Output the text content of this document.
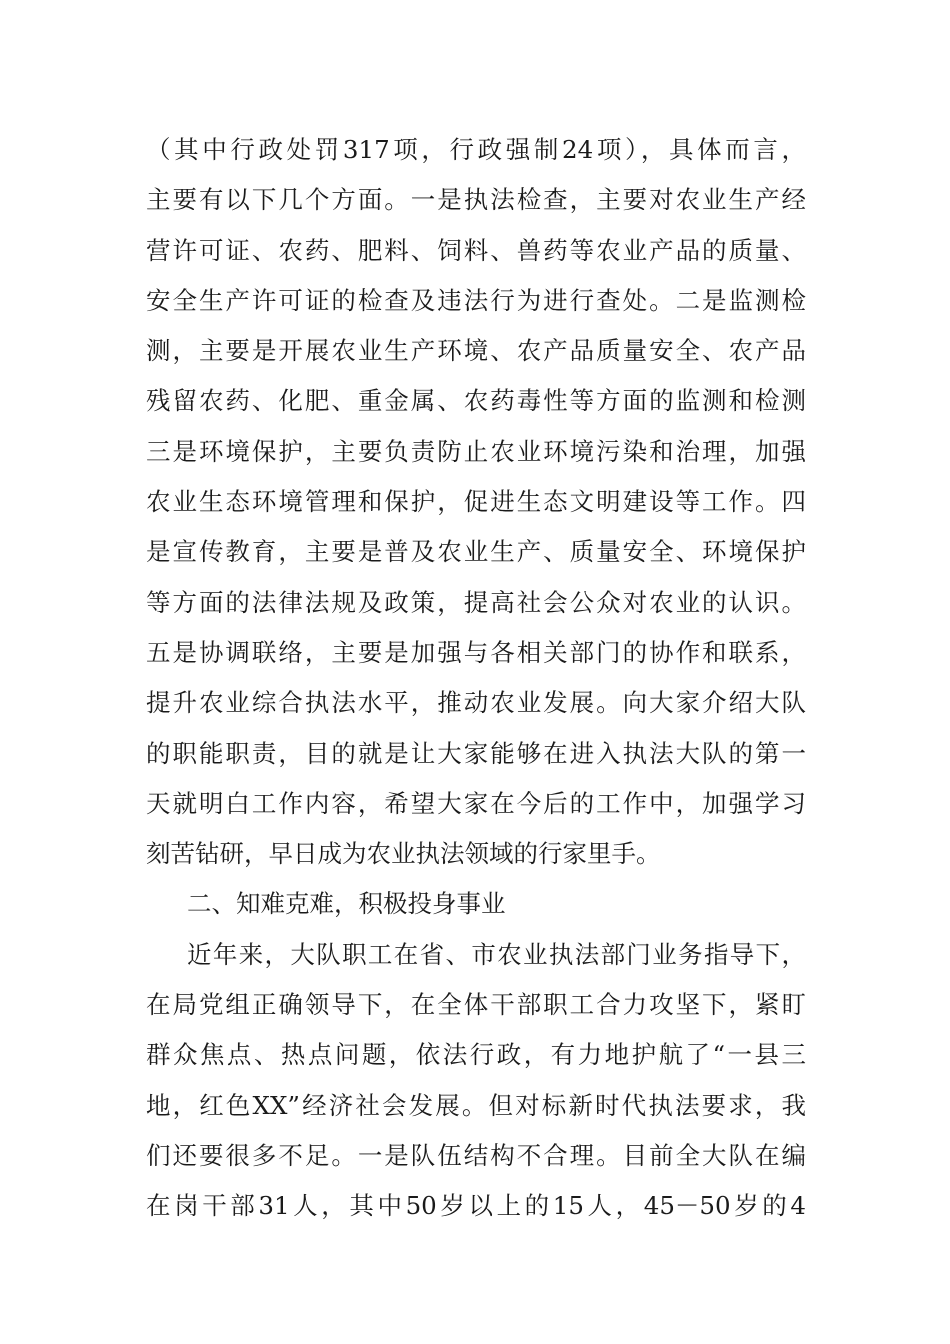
（其中行政处罚317项，行政强制24项），具体而言，
主要有以下几个方面。一是执法检查，主要对农业生产经
营许可证、农药、肥料、饲料、兽药等农业产品的质量、
安全生产许可证的检查及违法行为进行查处。二是监测检
测，主要是开展农业生产环境、农产品质量安全、农产品
残留农药、化肥、重金属、农药毒性等方面的监测和检测
三是环境保护，主要负责防止农业环境污染和治理，加强
农业生态环境管理和保护，促进生态文明建设等工作。四
是宣传教育，主要是普及农业生产、质量安全、环境保护
等方面的法律法规及政策，提高社会公众对农业的认识。
五是协调联络，主要是加强与各相关部门的协作和联系，
提升农业综合执法水平，推动农业发展。向大家介绍大队
的职能职责，目的就是让大家能够在进入执法大队的第一
天就明白工作内容，希望大家在今后的工作中，加强学习
刻苦钻研，早日成为农业执法领域的行家里手。
二、知难克难，积极投身事业
近年来，大队职工在省、市农业执法部门业务指导下，
在局党组正确领导下，在全体干部职工合力攻坚下，紧盯
群众焦点、热点问题，依法行政，有力地护航了“一县三
地，红色XX”经济社会发展。但对标新时代执法要求，我
们还要很多不足。一是队伍结构不合理。目前全大队在编
在岗干部31人，其中50岁以上的15人，45－50岁的4
